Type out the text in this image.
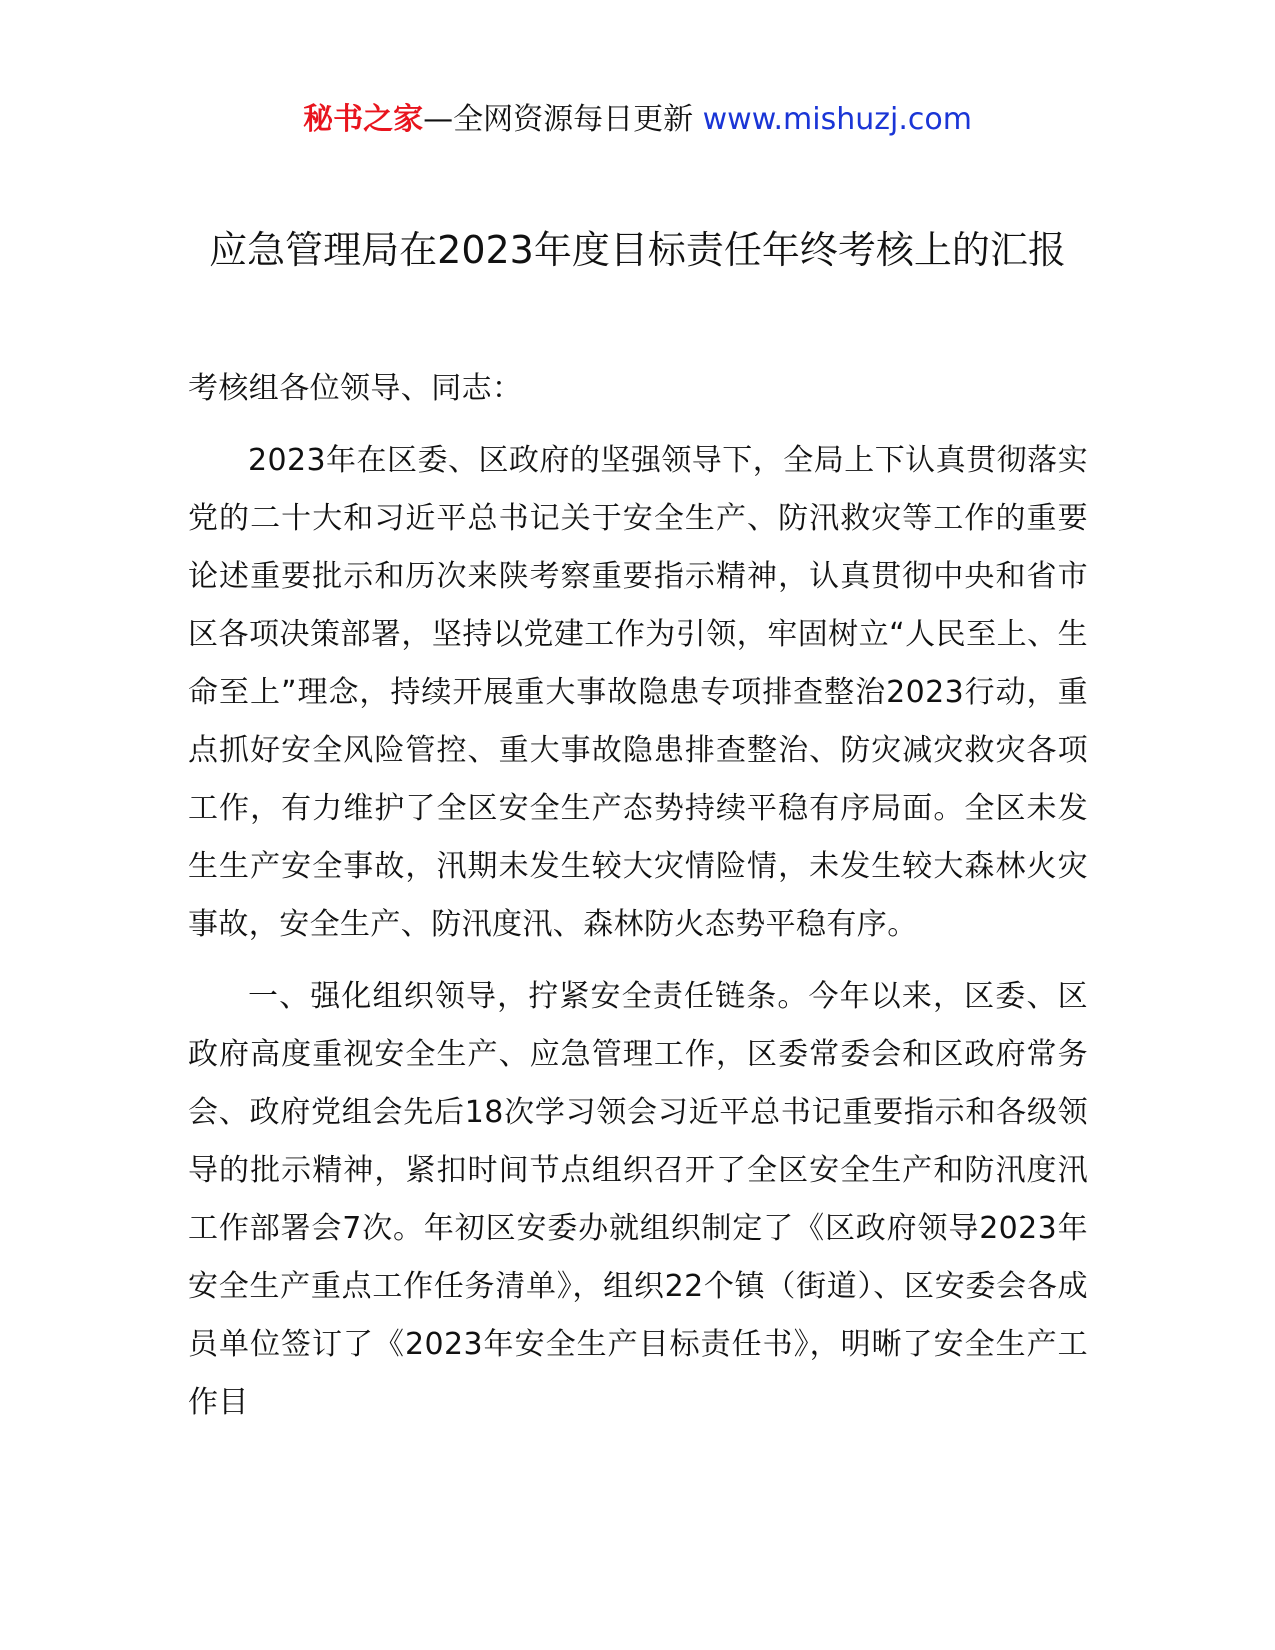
秘书之家—全网资源每日更新 www.mishuzj.com
应急管理局在2023年度目标责任年终考核上的汇报

考核组各位领导、同志：

2023年在区委、区政府的坚强领导下，全局上下认真贯彻落实党的二十大和习近平总书记关于安全生产、防汛救灾等工作的重要论述重要批示和历次来陕考察重要指示精神，认真贯彻中央和省市区各项决策部署，坚持以党建工作为引领，牢固树立“人民至上、生命至上”理念，持续开展重大事故隐患专项排查整治2023行动，重点抓好安全风险管控、重大事故隐患排查整治、防灾减灾救灾各项工作，有力维护了全区安全生产态势持续平稳有序局面。全区未发生生产安全事故，汛期未发生较大灾情险情，未发生较大森林火灾事故，安全生产、防汛度汛、森林防火态势平稳有序。

一、强化组织领导，拧紧安全责任链条。今年以来，区委、区政府高度重视安全生产、应急管理工作，区委常委会和区政府常务会、政府党组会先后18次学习领会习近平总书记重要指示和各级领导的批示精神，紧扣时间节点组织召开了全区安全生产和防汛度汛工作部署会7次。年初区安委办就组织制定了《区政府领导2023年安全生产重点工作任务清单》，组织22个镇（街道）、区安委会各成员单位签订了《2023年安全生产目标责任书》，明晰了安全生产工作目
